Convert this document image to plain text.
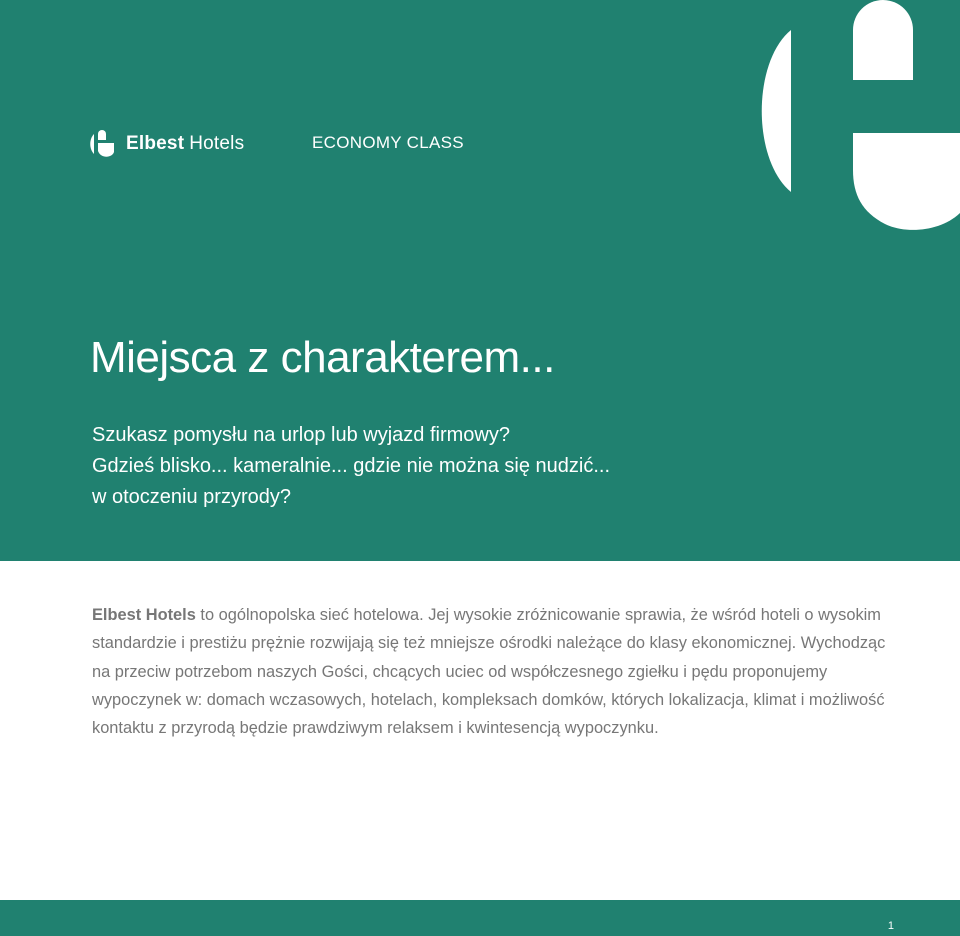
Elbest Hotels	ECONOMY CLASS
Miejsca z charakterem...

Szukasz pomysłu na urlop lub wyjazd firmowy?
Gdzieś blisko... kameralnie... gdzie nie można się nudzić...
w otoczeniu przyrody?

Elbest Hotels to ogólnopolska sieć hotelowa. Jej wysokie zróżnicowanie sprawia, że wśród hoteli o wysokim standardzie i prestiżu prężnie rozwijają się też mniejsze ośrodki należące do klasy ekonomicznej. Wychodząc na przeciw potrzebom naszych Gości, chcących uciec od współczesnego zgiełku i pędu proponujemy wypoczynek w: domach wczasowych, hotelach, kompleksach domków, których lokalizacja, klimat i możliwość kontaktu z przyrodą będzie prawdziwym relaksem i kwintesencją wypoczynku.

1
